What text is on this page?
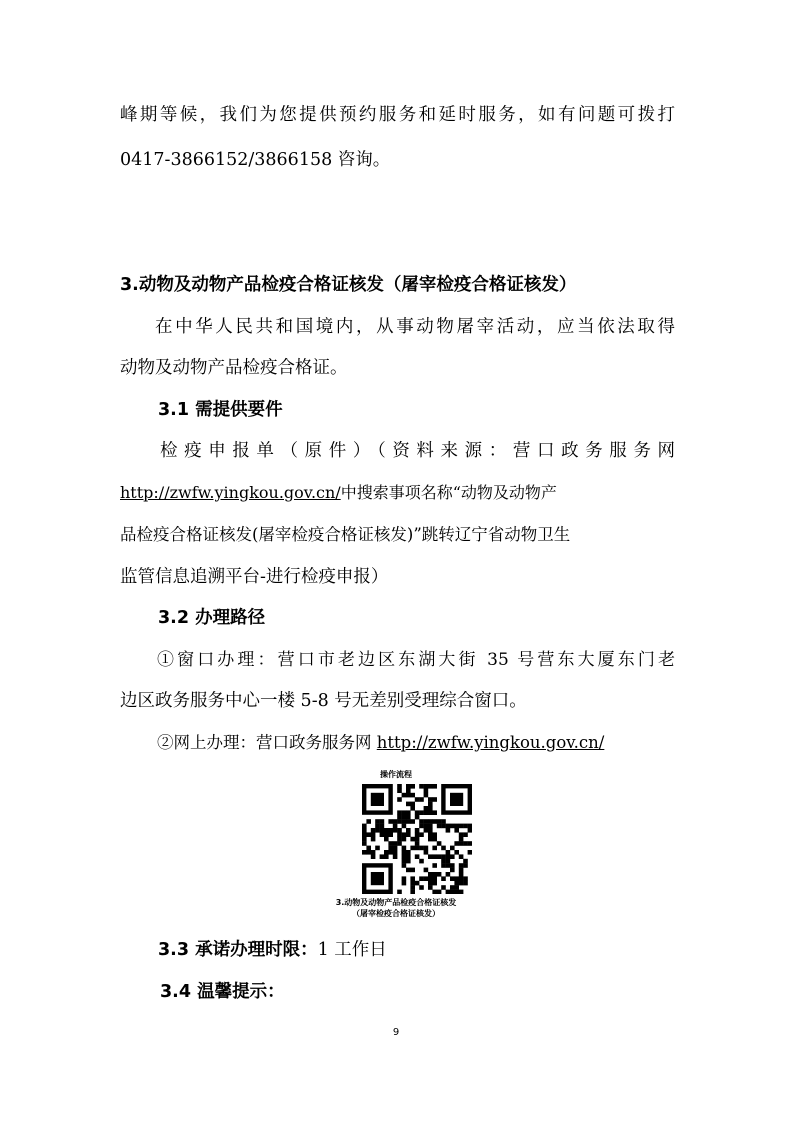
峰期等候，我们为您提供预约服务和延时服务，如有问题可拨打
0417-3866152/3866158 咨询。
3.动物及动物产品检疫合格证核发（屠宰检疫合格证核发）
在中华人民共和国境内，从事动物屠宰活动，应当依法取得
动物及动物产品检疫合格证。
3.1 需提供要件
检疫申报单（原件）（资料来源：营口政务服务网
http://zwfw.yingkou.gov.cn/中搜索事项名称“动物及动物产
品检疫合格证核发(屠宰检疫合格证核发)”跳转辽宁省动物卫生
监管信息追溯平台-进行检疫申报）
3.2 办理路径
①窗口办理：营口市老边区东湖大街 35 号营东大厦东门老
边区政务服务中心一楼 5-8 号无差别受理综合窗口。
②网上办理：营口政务服务网 http://zwfw.yingkou.gov.cn/
操作流程
3.动物及动物产品检疫合格证核发
（屠宰检疫合格证核发）
3.3 承诺办理时限：1 工作日
3.4 温馨提示：
9
